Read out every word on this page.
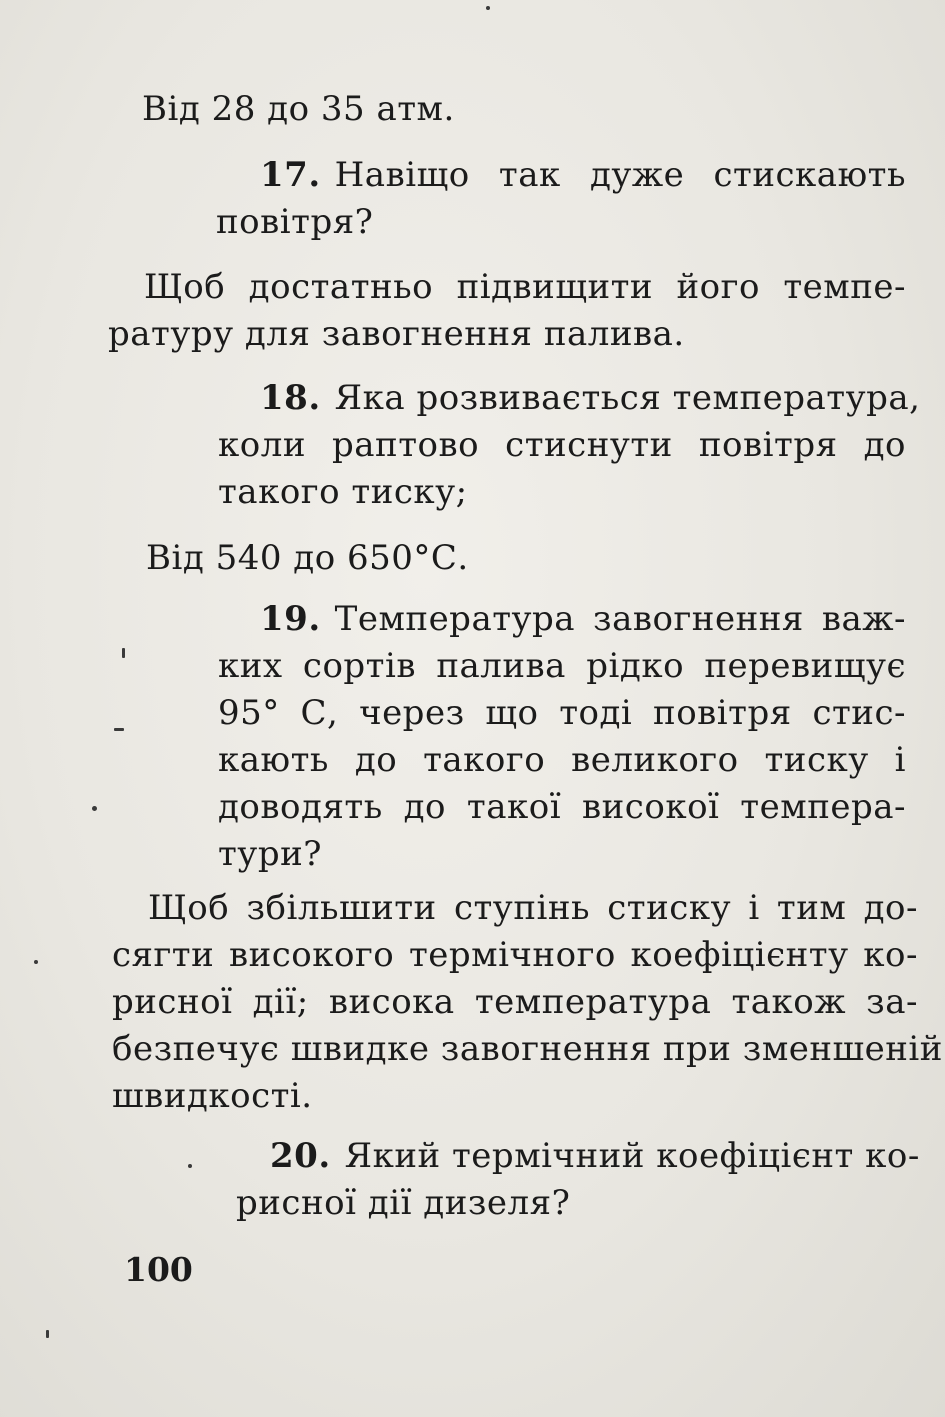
Від 28 до 35 атм.
17. Навіщо так дуже стискають
повітря?
Щоб достатньо підвищити його темпе-
ратуру для завогнення палива.
18. Яка розвивається температура,
коли раптово стиснути повітря до
такого тиску;
Від 540 до 650°С.
19. Температура завогнення важ-
ких сортів палива рідко перевищує
95° С, через що тоді повітря стис-
кають до такого великого тиску і
доводять до такої високої темпера-
тури?
Щоб збільшити ступінь стиску і тим до-
сягти високого термічного коефіцієнту ко-
рисної дії; висока температура також за-
безпечує швидке завогнення при зменшеній
швидкості.
20. Який термічний коефіцієнт ко-
рисної дії дизеля?
100
